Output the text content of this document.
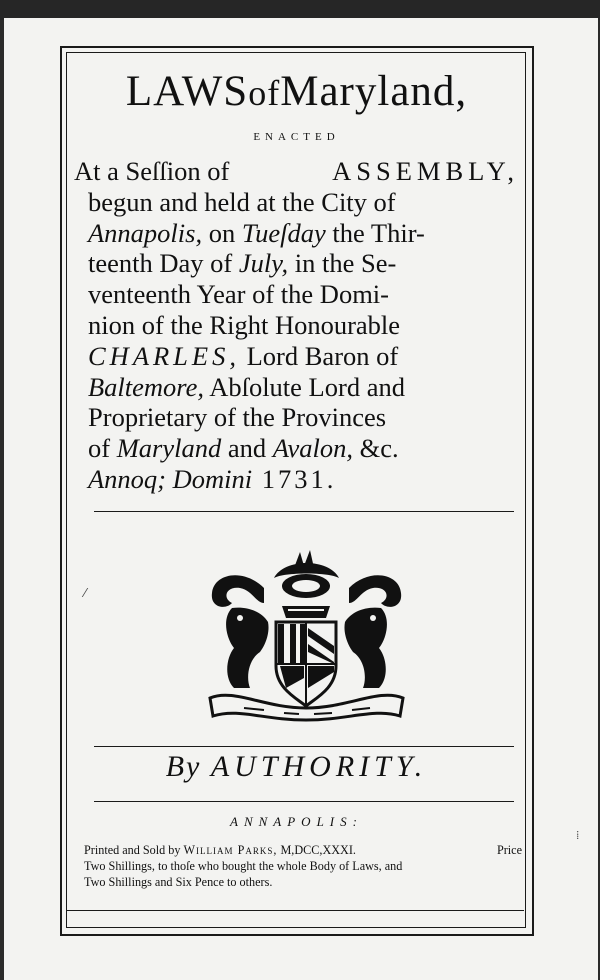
LAWSofMaryland,
ENACTED
At a Seſſion of	ASSEMBLY,
begun and held at the City of
Annapolis, on Tueſday the Thir-
teenth Day of July, in the Se-
venteenth Year of the Domi-
nion of the Right Honourable
CHARLES, Lord Baron of
Baltemore, Abſolute Lord and
Proprietary of the Provinces
of Maryland and Avalon, &c.
Annoq; Domini 1731.
⁄
By AUTHORITY.
ANNAPOLIS:
Printed and Sold by William Parks, M,DCC,XXXI.	Price
Two Shillings, to thoſe who bought the whole Body of Laws, and
Two Shillings and Six Pence to others.
⁞
